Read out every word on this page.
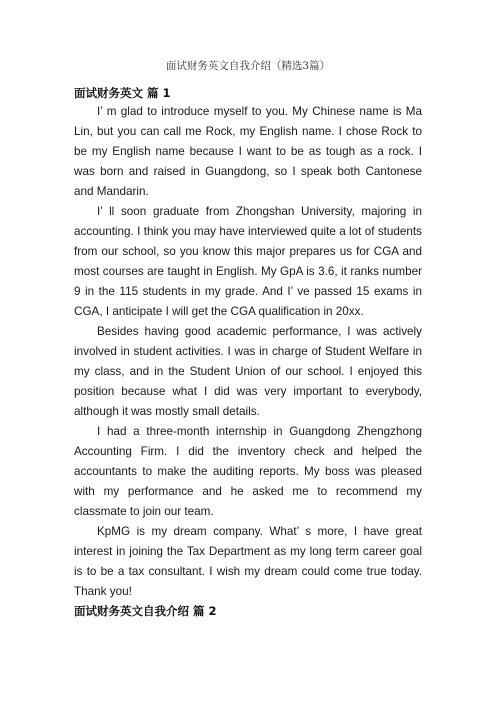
面试财务英文自我介绍（精选3篇）
面试财务英文 篇 1

I’ m glad to introduce myself to you. My Chinese name is Ma Lin, but you can call me Rock, my English name. I chose Rock to be my English name because I want to be as tough as a rock. I was born and raised in Guangdong, so I speak both Cantonese and Mandarin.

I’ ll soon graduate from Zhongshan University, majoring in accounting. I think you may have interviewed quite a lot of students from our school, so you know this major prepares us for CGA and most courses are taught in English. My GpA is 3.6, it ranks number 9 in the 115 students in my grade. And I’ ve passed 15 exams in CGA, I anticipate I will get the CGA qualification in 20xx.

Besides having good academic performance, I was actively involved in student activities. I was in charge of Student Welfare in my class, and in the Student Union of our school. I enjoyed this position because what I did was very important to everybody, although it was mostly small details.

I had a three-month internship in Guangdong Zhengzhong Accounting Firm. I did the inventory check and helped the accountants to make the auditing reports. My boss was pleased with my performance and he asked me to recommend my classmate to join our team.

KpMG is my dream company. What’ s more, I have great interest in joining the Tax Department as my long term career goal is to be a tax consultant. I wish my dream could come true today. Thank you!

面试财务英文自我介绍 篇 2
